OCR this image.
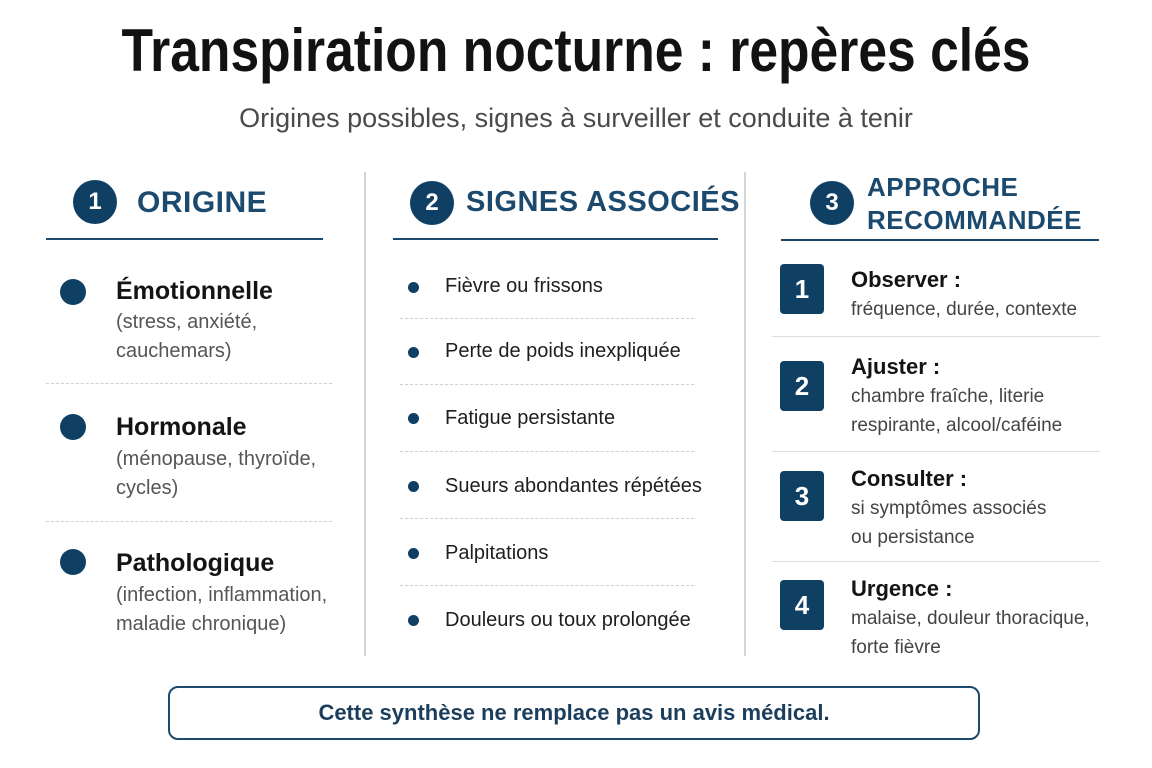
Transpiration nocturne : repères clés
Origines possibles, signes à surveiller et conduite à tenir
1	ORIGINE
Émotionnelle
(stress, anxiété, cauchemars)
Hormonale
(ménopause, thyroïde, cycles)
Pathologique
(infection, inflammation, maladie chronique)
2 SIGNES ASSOCIÉS
Fièvre ou frissons
Perte de poids inexpliquée
Fatigue persistante
Sueurs abondantes répétées
Palpitations
Douleurs ou toux prolongée
3
APPROCHE
RECOMMANDÉE
1	Observer :
fréquence, durée, contexte
2
Ajuster :
chambre fraîche, literie respirante, alcool/caféine
3
Consulter :
si symptômes associés ou persistance
4
Urgence :
malaise, douleur thoracique, forte fièvre
Cette synthèse ne remplace pas un avis médical.
